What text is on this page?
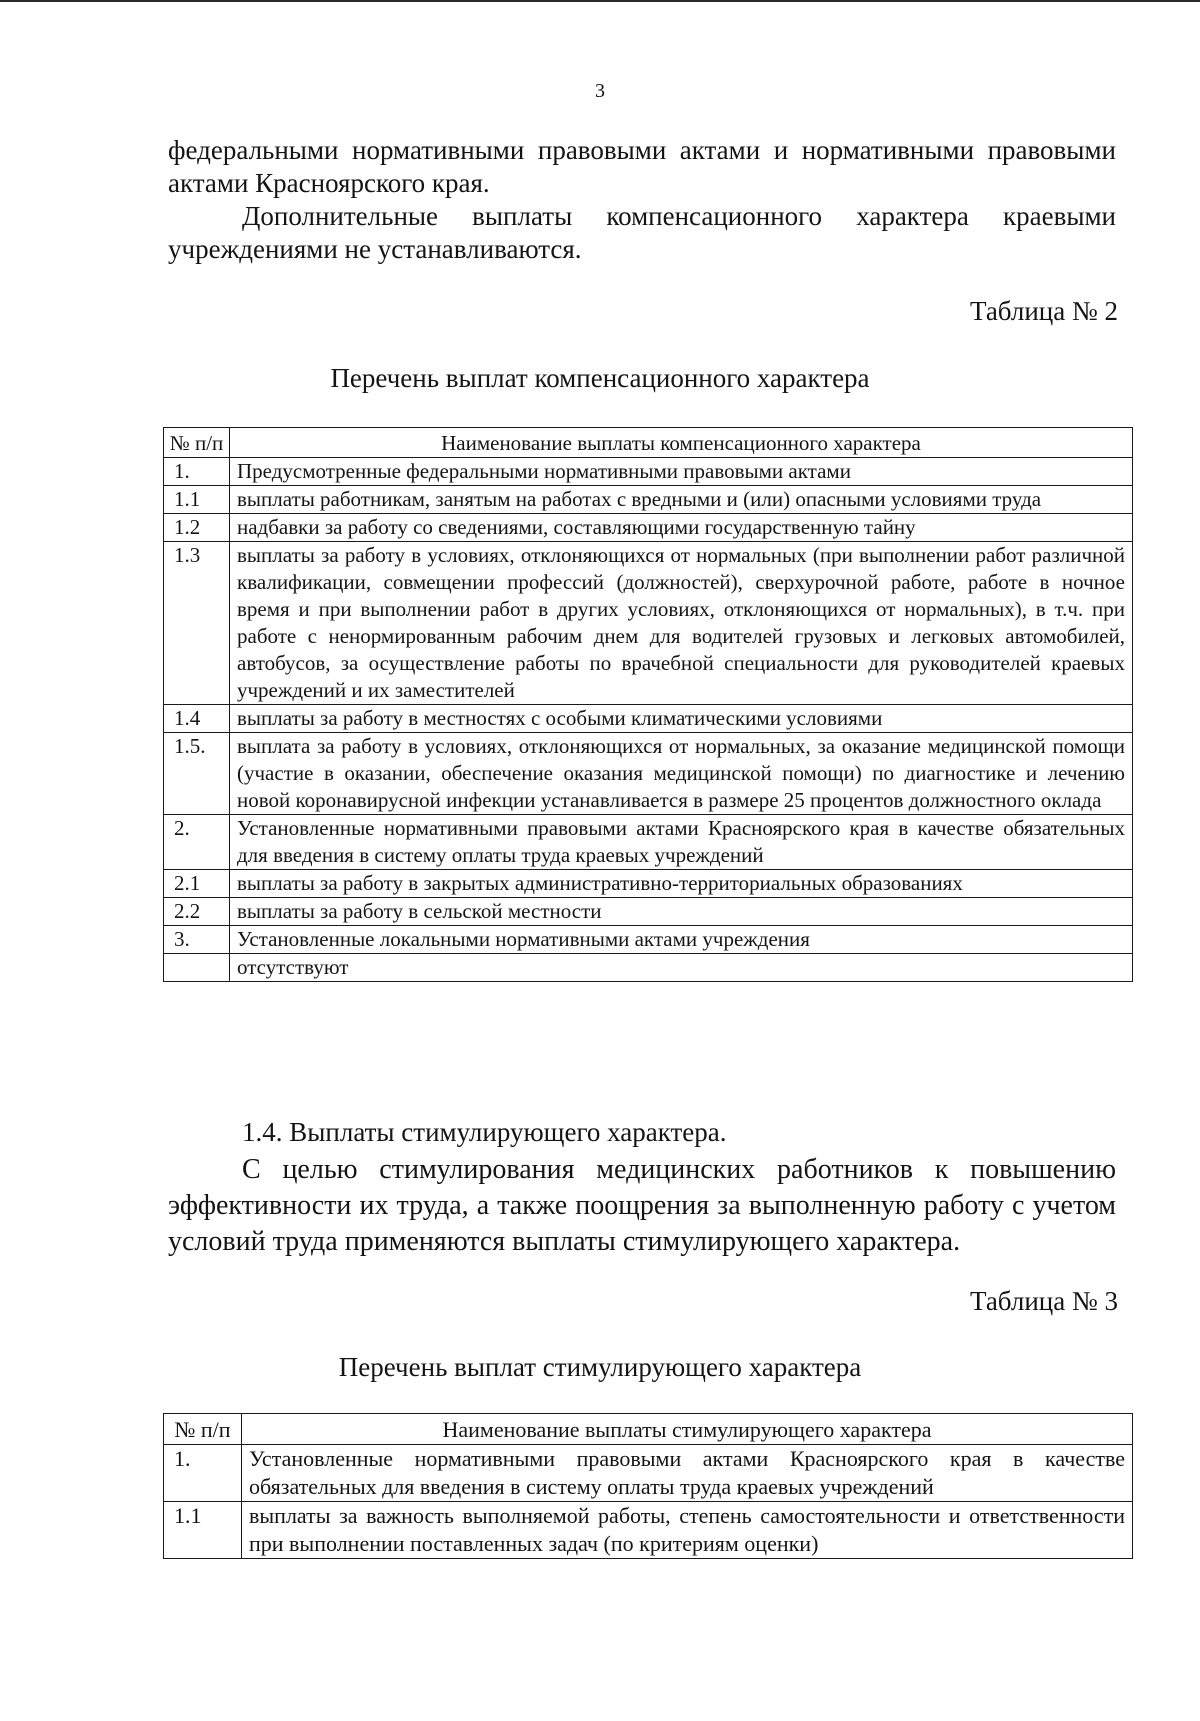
3

федеральными нормативными правовыми актами и нормативными правовыми актами Красноярского края.

Дополнительные выплаты компенсационного характера краевыми учреждениями не устанавливаются.

Таблица № 2
Перечень выплат компенсационного характера
№ п/п	Наименование выплаты компенсационного характера
1.	Предусмотренные федеральными нормативными правовыми актами
1.1	выплаты работникам, занятым на работах с вредными и (или) опасными условиями труда
1.2	надбавки за работу со сведениями, составляющими государственную тайну
1.3	выплаты за работу в условиях, отклоняющихся от нормальных (при выполнении работ различной квалификации, совмещении профессий (должностей), сверхурочной работе, работе в ночное время и при выполнении работ в других условиях, отклоняющихся от нормальных), в т.ч. при работе с ненормированным рабочим днем для водителей грузовых и легковых автомобилей, автобусов, за осуществление работы по врачебной специальности для руководителей краевых учреждений и их заместителей
1.4	выплаты за работу в местностях с особыми климатическими условиями
1.5.	выплата за работу в условиях, отклоняющихся от нормальных, за оказание медицинской помощи (участие в оказании, обеспечение оказания медицинской помощи) по диагностике и лечению новой коронавирусной инфекции устанавливается в размере 25 процентов должностного оклада
2.	Установленные нормативными правовыми актами Красноярского края в качестве обязательных для введения в систему оплаты труда краевых учреждений
2.1	выплаты за работу в закрытых административно-территориальных образованиях
2.2	выплаты за работу в сельской местности
3.	Установленные локальными нормативными актами учреждения
	отсутствуют

1.4. Выплаты стимулирующего характера.

С целью стимулирования медицинских работников к повышению эффективности их труда, а также поощрения за выполненную работу с учетом условий труда применяются выплаты стимулирующего характера.

Таблица № 3
Перечень выплат стимулирующего характера
№ п/п	Наименование выплаты стимулирующего характера
1.	Установленные нормативными правовыми актами Красноярского края в качестве обязательных для введения в систему оплаты труда краевых учреждений
1.1	выплаты за важность выполняемой работы, степень самостоятельности и ответственности при выполнении поставленных задач (по критериям оценки)
